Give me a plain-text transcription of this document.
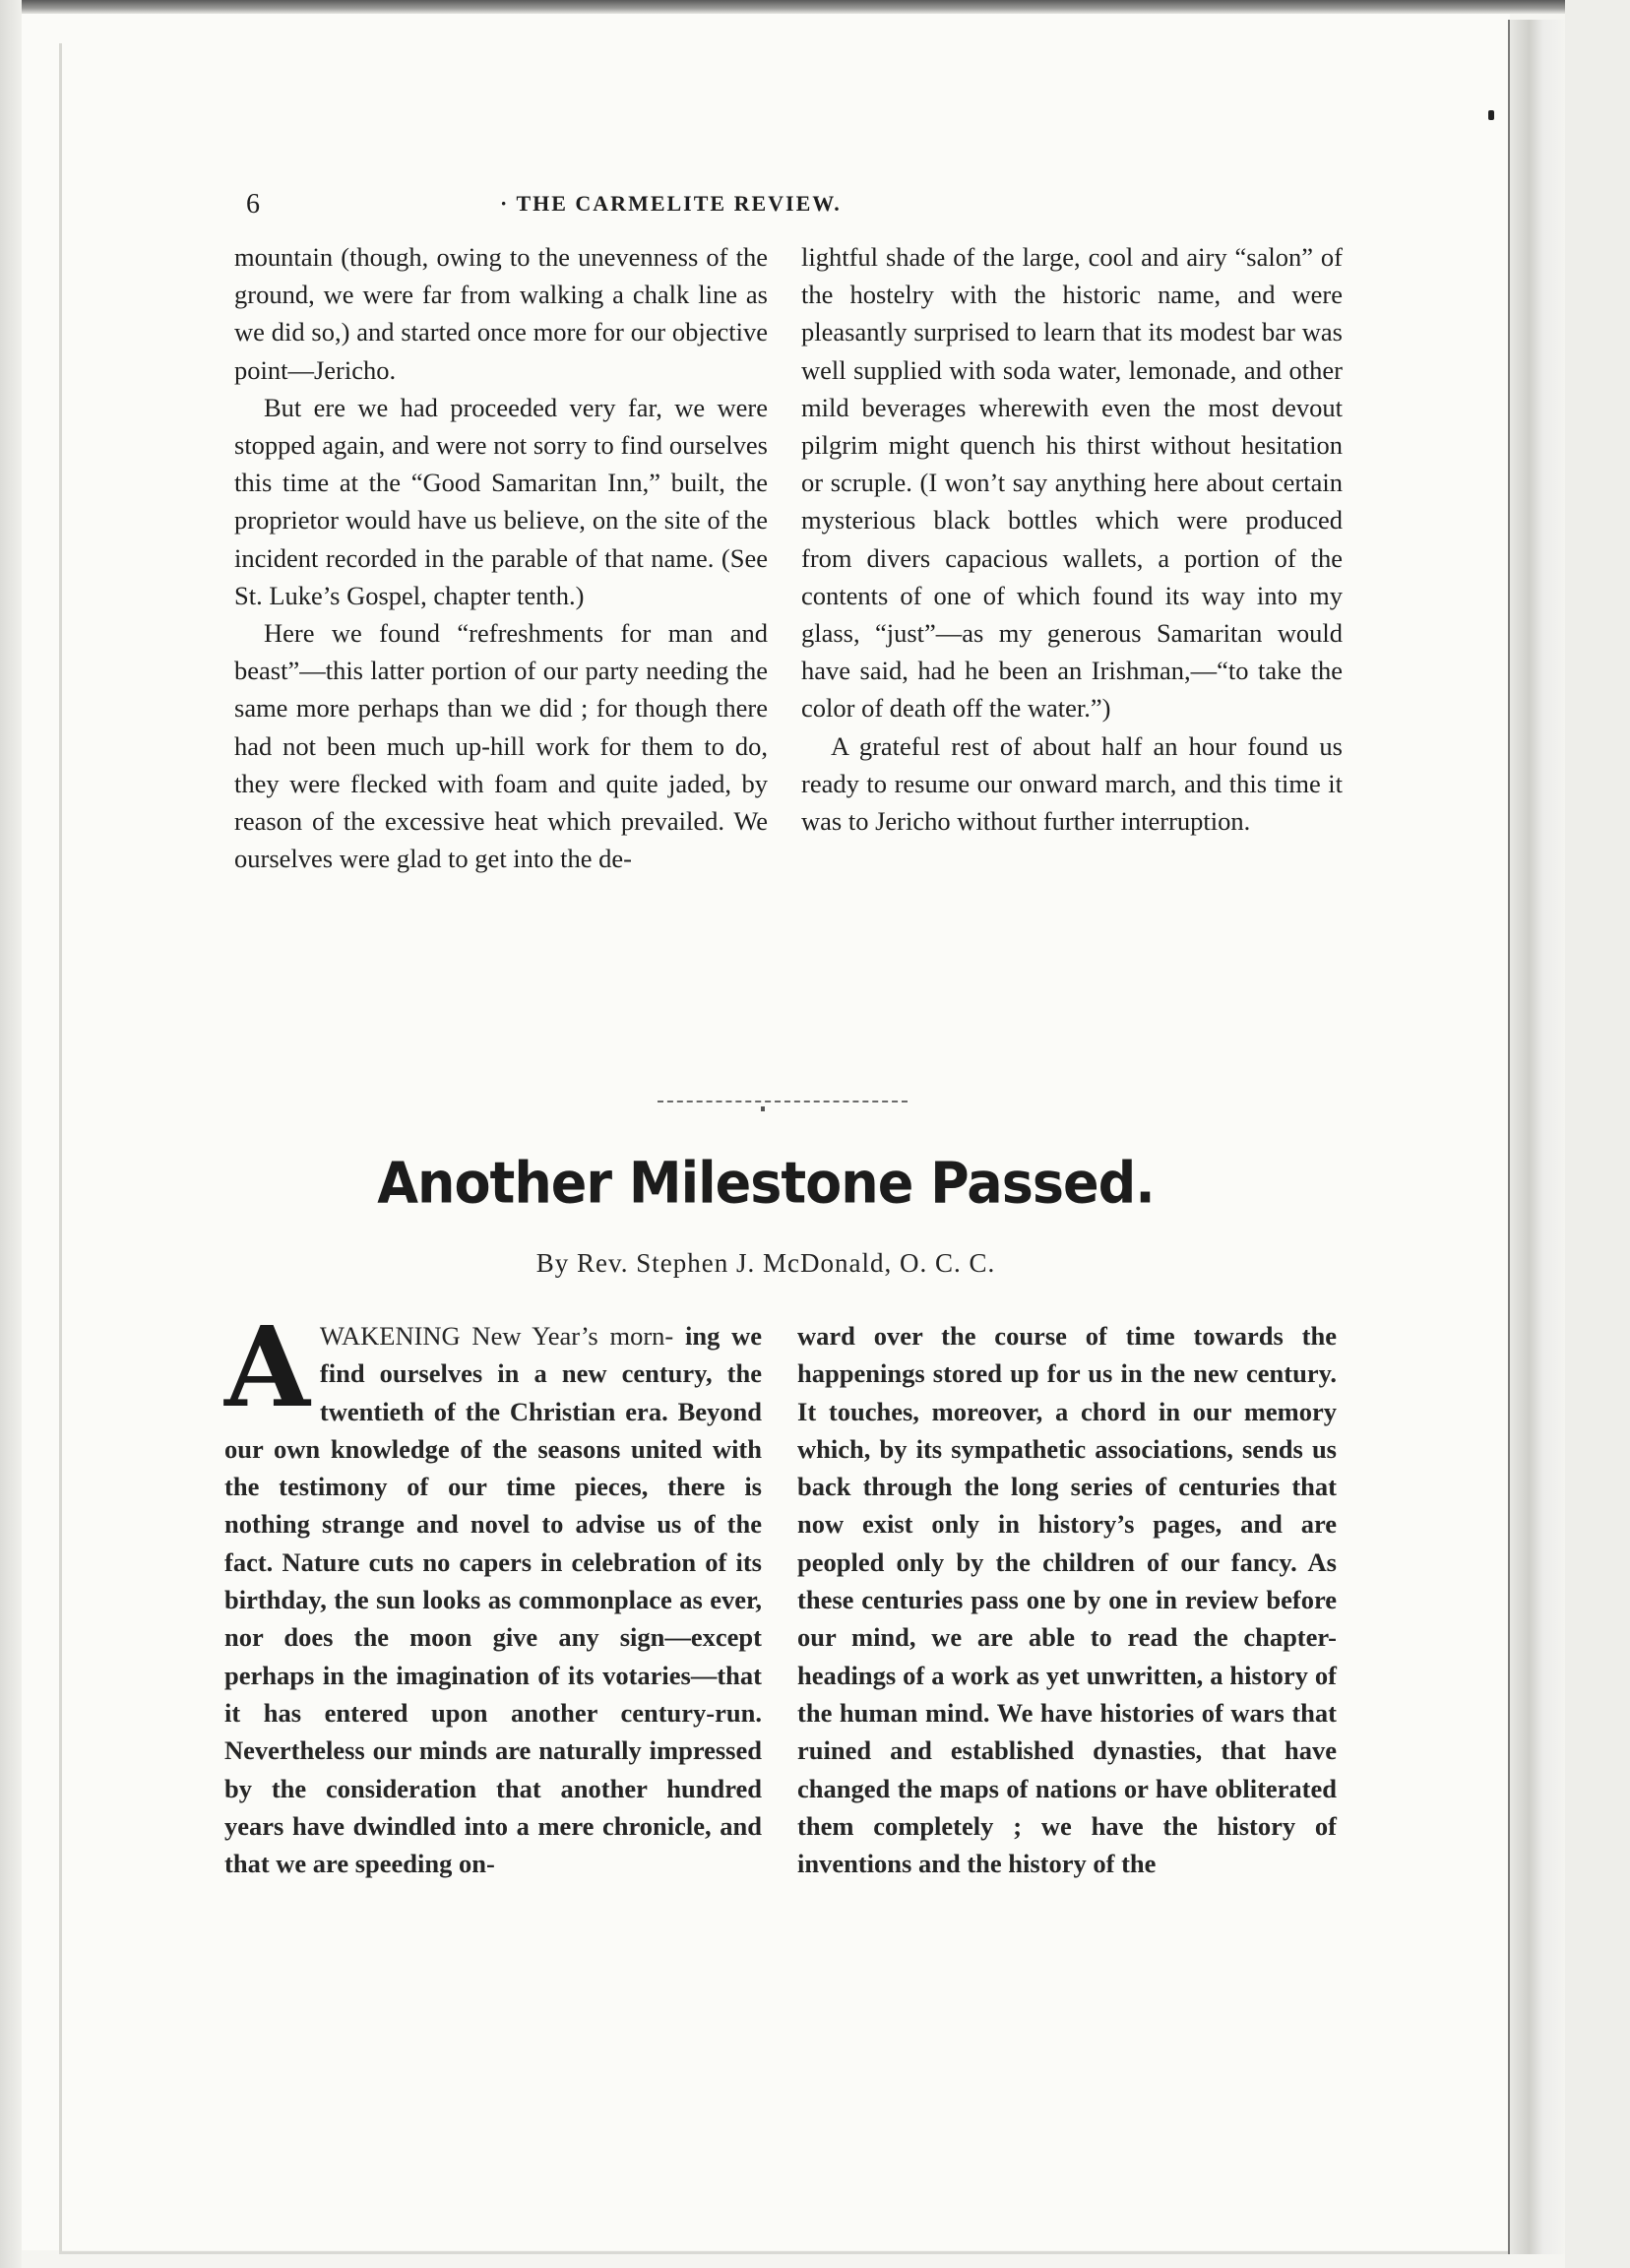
6	· THE CARMELITE REVIEW.

mountain (though, owing to the unevenness of the ground, we were far from walking a chalk line as we did so,) and started once more for our objective point—Jericho.

But ere we had proceeded very far, we were stopped again, and were not sorry to find ourselves this time at the “Good Samaritan Inn,” built, the proprietor would have us believe, on the site of the incident recorded in the parable of that name. (See St. Luke’s Gospel, chapter tenth.)

Here we found “refreshments for man and beast”—this latter portion of our party needing the same more perhaps than we did ; for though there had not been much up-hill work for them to do, they were flecked with foam and quite jaded, by reason of the excessive heat which prevailed. We ourselves were glad to get into the de-

lightful shade of the large, cool and airy “salon” of the hostelry with the historic name, and were pleasantly surprised to learn that its modest bar was well supplied with soda water, lemonade, and other mild beverages wherewith even the most devout pilgrim might quench his thirst without hesitation or scruple. (I won’t say anything here about certain mysterious black bottles which were produced from divers capacious wallets, a portion of the contents of one of which found its way into my glass, “just”—as my generous Samaritan would have said, had he been an Irishman,—“to take the color of death off the water.”)

A grateful rest of about half an hour found us ready to resume our onward march, and this time it was to Jericho without further interruption.

Another Milestone Passed.
By Rev. Stephen J. McDonald, O. C. C.
A WAKENING New Year’s morn- ing we find ourselves in a new century, the twentieth of the Christian era. Beyond our own knowledge of the seasons united with the testimony of our time pieces, there is nothing strange and novel to advise us of the fact. Nature cuts no capers in celebration of its birthday, the sun looks as commonplace as ever, nor does the moon give any sign—except perhaps in the imagination of its votaries—that it has entered upon another century-run. Nevertheless our minds are naturally impressed by the consideration that another hundred years have dwindled into a mere chronicle, and that we are speeding on-

ward over the course of time towards the happenings stored up for us in the new century. It touches, moreover, a chord in our memory which, by its sympathetic associations, sends us back through the long series of centuries that now exist only in history’s pages, and are peopled only by the children of our fancy. As these centuries pass one by one in review before our mind, we are able to read the chapter-headings of a work as yet unwritten, a history of the human mind. We have histories of wars that ruined and established dynasties, that have changed the maps of nations or have obliterated them completely ; we have the history of inventions and the history of the
